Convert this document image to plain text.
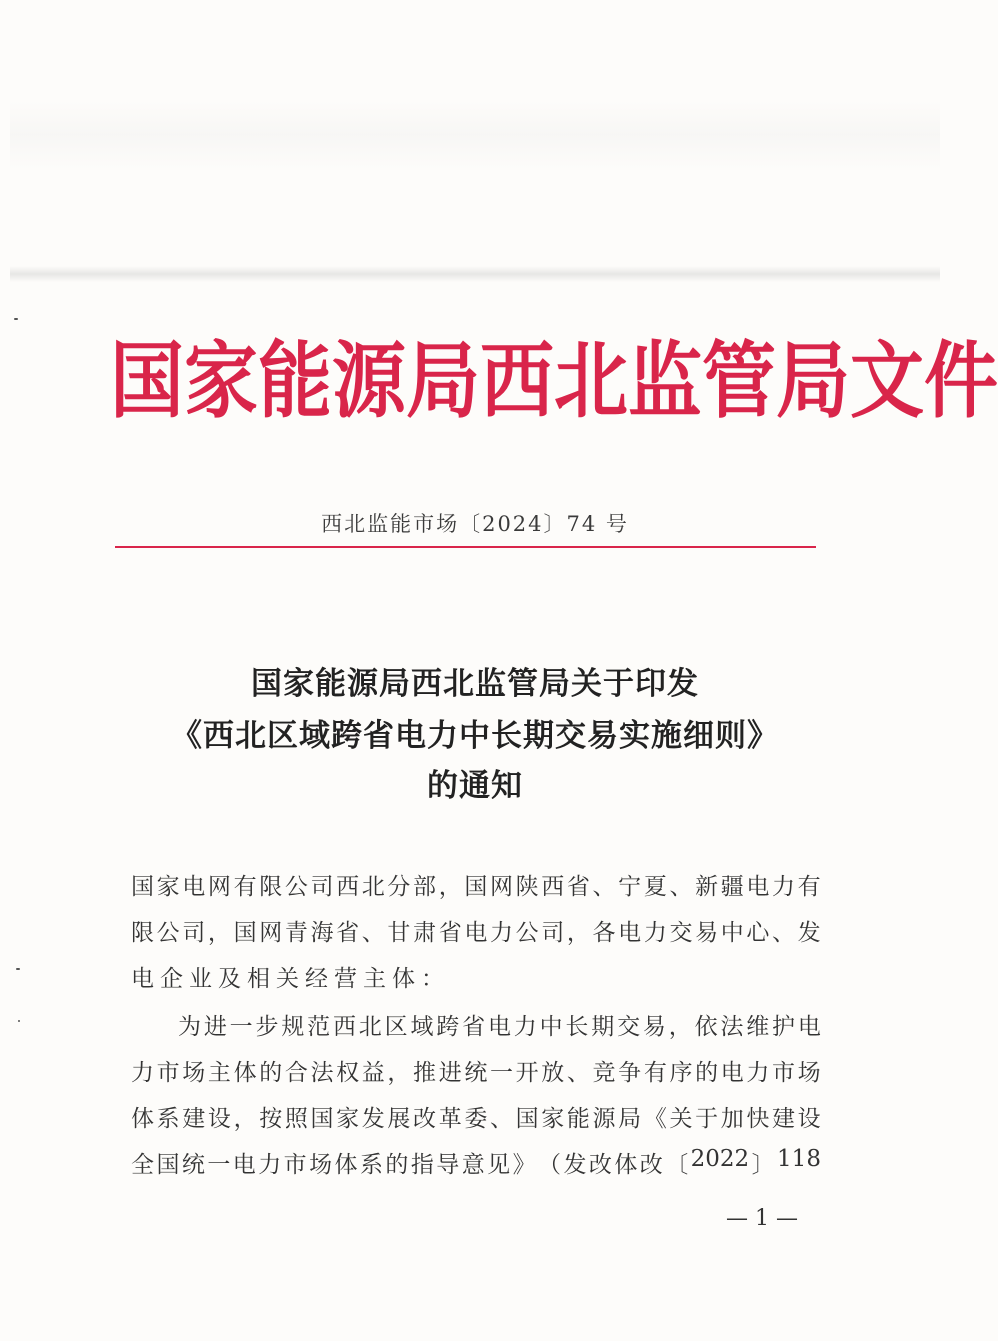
国 家 能 源 局 西 北 监 管 局 文 件
西北监能市场〔2024〕74 号
国家能源局西北监管局关于印发
《西北区域跨省电力中长期交易实施细则》
的通知
国 家 电 网 有 限 公 司 西 北 分 部 ， 国 网 陕 西 省 、 宁 夏 、 新 疆 电 力 有
限 公 司 ， 国 网 青 海 省 、 甘 肃 省 电 力 公 司 ， 各 电 力 交 易 中 心 、 发
电 企 业 及 相 关 经 营 主 体 ：
为 进 一 步 规 范 西 北 区 域 跨 省 电 力 中 长 期 交 易 ， 依 法 维 护 电
力 市 场 主 体 的 合 法 权 益 ， 推 进 统 一 开 放 、 竞 争 有 序 的 电 力 市 场
体 系 建 设 ， 按 照 国 家 发 展 改 革 委 、 国 家 能 源 局 《 关 于 加 快 建 设
全 国 统 一 电 力 市 场 体 系 的 指 导 意 见 》 （ 发 改 体 改 〔 2022 〕 118
— 1 —
